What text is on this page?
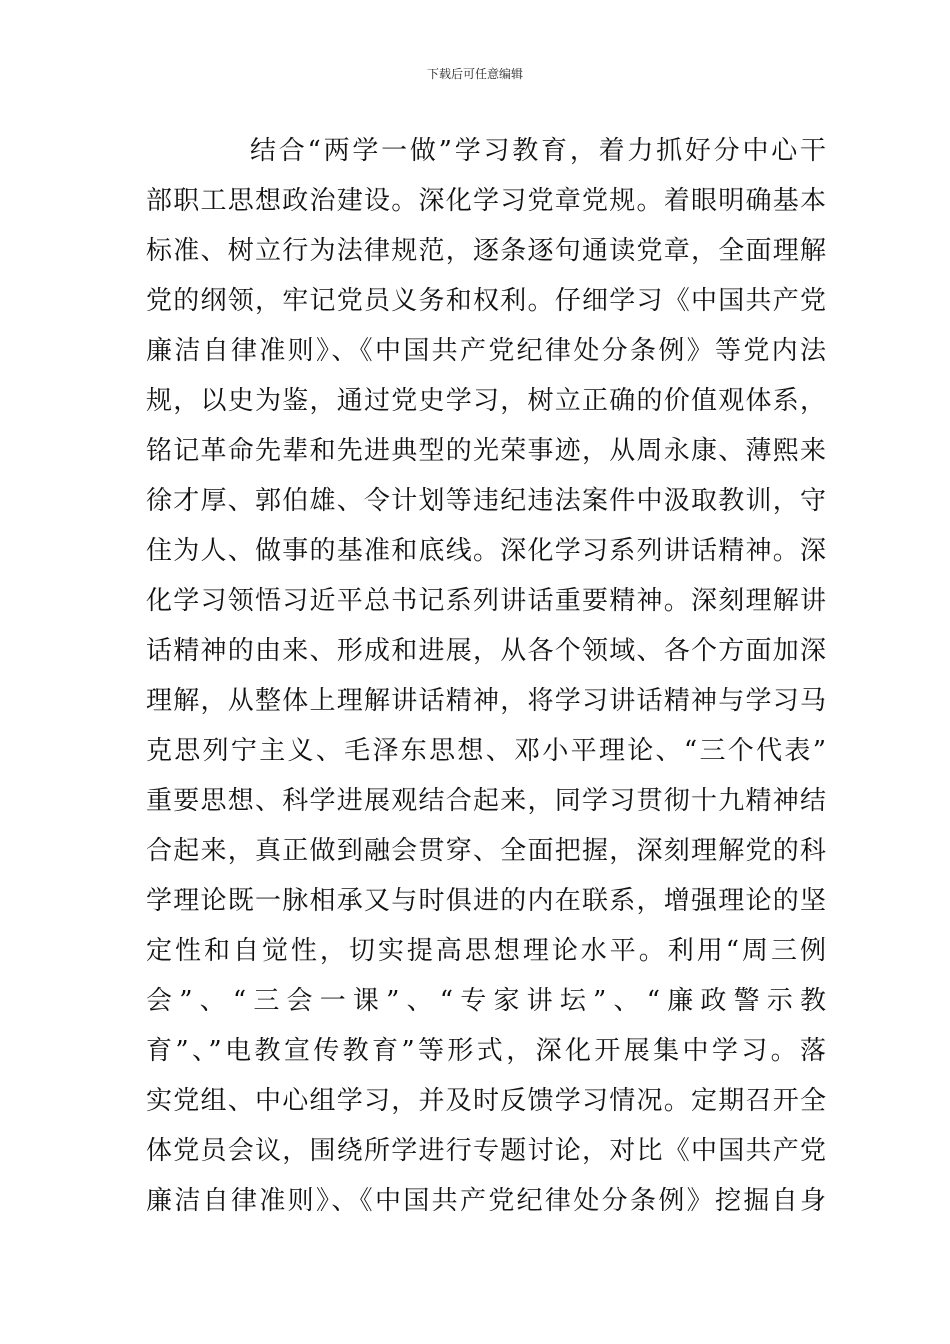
下载后可任意编辑
结合“两学一做”学习教育，着力抓好分中心干
部职工思想政治建设。深化学习党章党规。着眼明确基本
标准、树立行为法律规范，逐条逐句通读党章，全面理解
党的纲领，牢记党员义务和权利。仔细学习《中国共产党
廉洁自律准则》、《中国共产党纪律处分条例》等党内法
规，以史为鉴，通过党史学习，树立正确的价值观体系，
铭记革命先辈和先进典型的光荣事迹，从周永康、薄熙来
徐才厚、郭伯雄、令计划等违纪违法案件中汲取教训，守
住为人、做事的基准和底线。深化学习系列讲话精神。深
化学习领悟习近平总书记系列讲话重要精神。深刻理解讲
话精神的由来、形成和进展，从各个领域、各个方面加深
理解，从整体上理解讲话精神，将学习讲话精神与学习马
克思列宁主义、毛泽东思想、邓小平理论、“三个代表”
重要思想、科学进展观结合起来，同学习贯彻十九精神结
合起来，真正做到融会贯穿、全面把握，深刻理解党的科
学理论既一脉相承又与时俱进的内在联系，增强理论的坚
定性和自觉性，切实提高思想理论水平。利用“周三例
会”、“三会一课”、“专家讲坛”、“廉政警示教
育”、”电教宣传教育”等形式，深化开展集中学习。落
实党组、中心组学习，并及时反馈学习情况。定期召开全
体党员会议，围绕所学进行专题讨论，对比《中国共产党
廉洁自律准则》、《中国共产党纪律处分条例》挖掘自身
